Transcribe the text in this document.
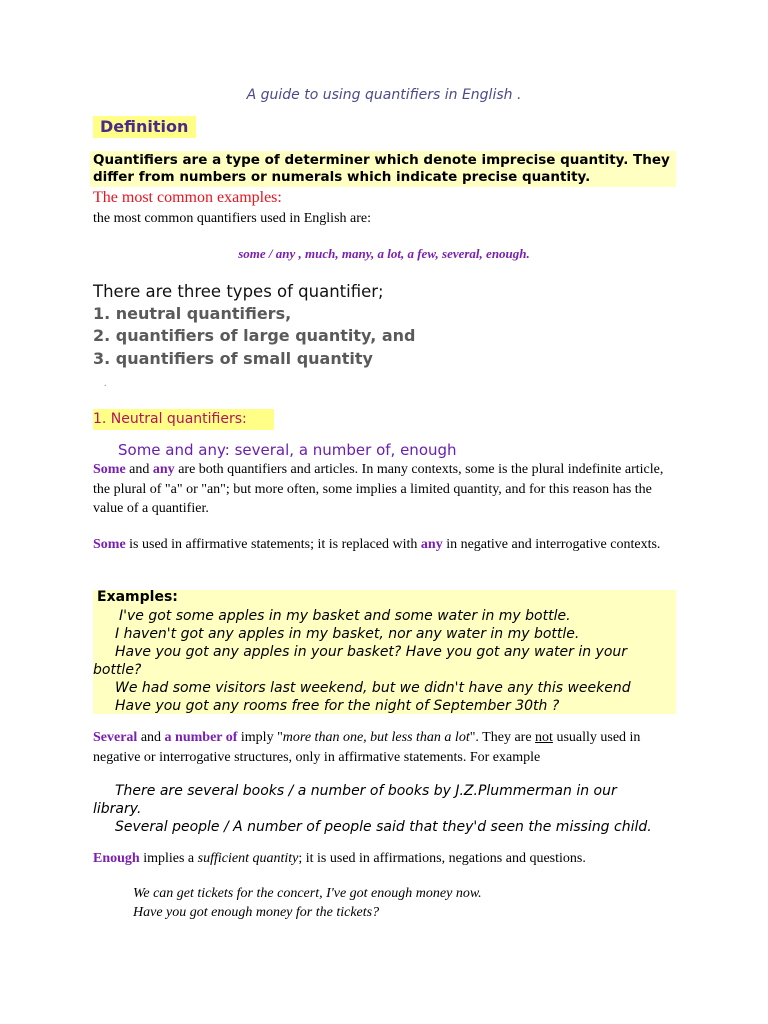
A guide to using quantifiers in English .
Definition
Quantifiers are a type of determiner which denote imprecise quantity. They differ from numbers or numerals which indicate precise quantity.
The most common examples:
the most common quantifiers used in English are:
some / any , much, many, a lot, a few, several, enough.
There are three types of quantifier;
1. neutral quantifiers,
2. quantifiers of large quantity, and
3. quantifiers of small quantity
.
1. Neutral quantifiers:
Some and any: several, a number of, enough
Some and any are both quantifiers and articles. In many contexts, some is the plural indefinite article, the plural of "a" or "an"; but more often, some implies a limited quantity, and for this reason has the value of a quantifier.
Some is used in affirmative statements; it is replaced with any in negative and interrogative contexts.
Examples:
I've got some apples in my basket and some water in my bottle.
I haven't got any apples in my basket, nor any water in my bottle.
Have you got any apples in your basket? Have you got any water in your
bottle?
We had some visitors last weekend, but we didn't have any this weekend
Have you got any rooms free for the night of September 30th ?
Several and a number of imply "more than one, but less than a lot". They are not usually used in negative or interrogative structures, only in affirmative statements. For example
There are several books / a number of books by J.Z.Plummerman in our
library.
Several people / A number of people said that they'd seen the missing child.
Enough implies a sufficient quantity; it is used in affirmations, negations and questions.
We can get tickets for the concert, I've got enough money now.
Have you got enough money for the tickets?
